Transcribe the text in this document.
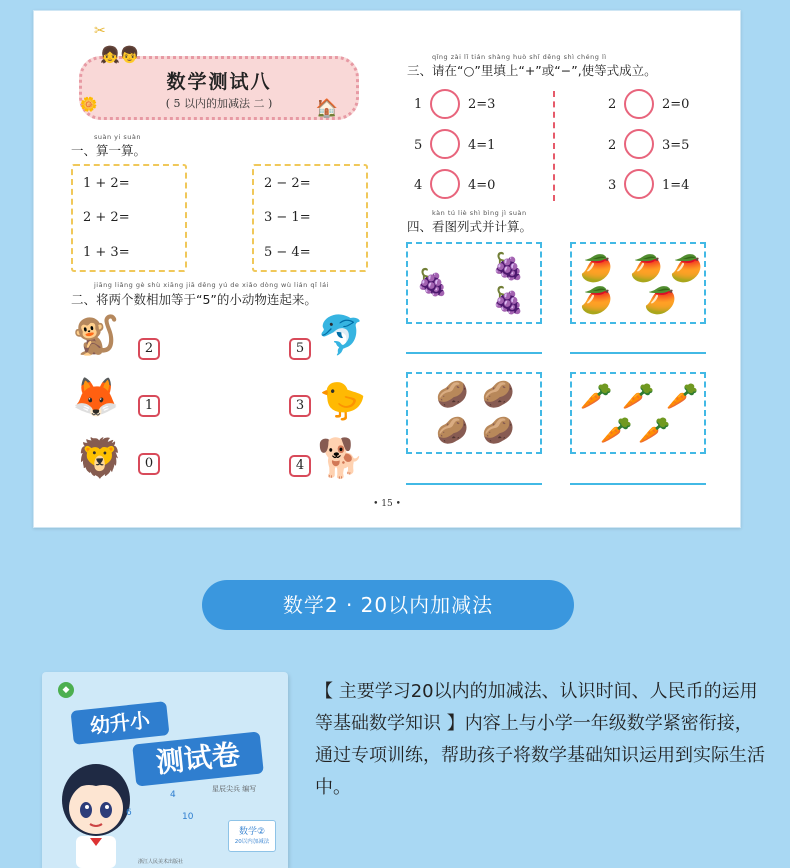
✂
👧👦
数学测试八
( 5 以内的加减法 二 )
🌼	🏠
suàn yi suàn
一、算一算。
1 + 2=
2 + 2=
1 + 3=
2 − 2=
3 − 1=
5 − 4=
jiāng liǎng gè shù xiāng jiā děng yú de xiǎo dòng wù lián qǐ lái
二、将两个数相加等于“5”的小动物连起来。
🐒	2
🦊	1
🦁	0
5 🐬
3 🐤
4 🐕
qǐng zài lǐ tián shàng huò shǐ děng shì chéng lì
三、请在“○”里填上“+”或“−”,使等式成立。
1	2=3
5	4=1
4	4=0
2	2=0
2	3=5
3	1=4
kàn tú liè shì bìng jì suàn
四、看图列式并计算。
🍇
🍇
🍇
🥭 🥭 🥭
🥭 🥭
🥔 🥔
🥔 🥔
🥕 🥕 🥕
🥕 🥕
• 15 •
数学2 · 20以内加减法
◆
幼升小
测试卷
星辰尖兵 编写
4
6	10
数学②
20以内加减法
浙江人民美术出版社
【 主要学习20以内的加减法、认识时间、人民币的运用等基础数学知识 】内容上与小学一年级数学紧密衔接，通过专项训练，帮助孩子将数学基础知识运用到实际生活中。
